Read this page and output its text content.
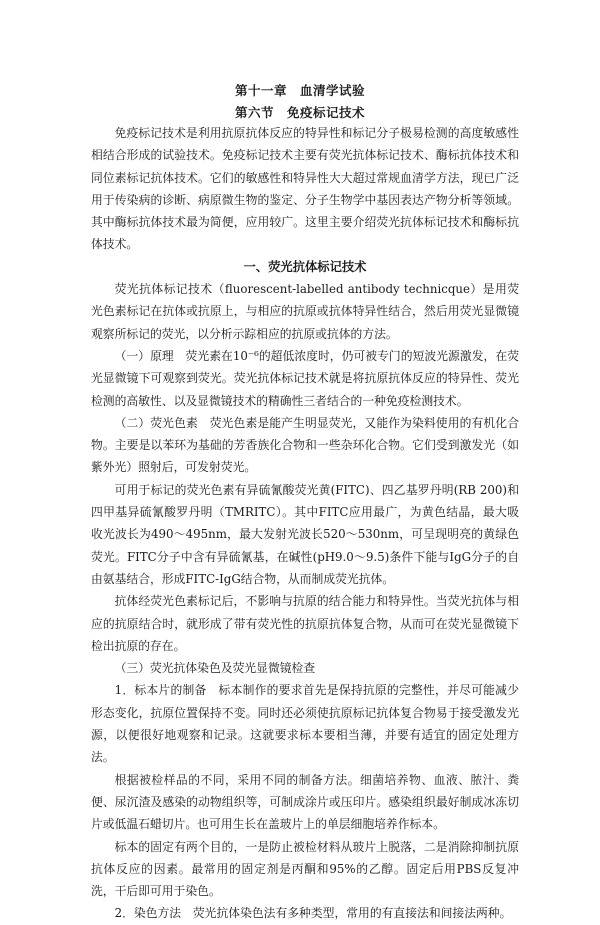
第十一章　血清学试验
第六节　免疫标记技术

免疫标记技术是利用抗原抗体反应的特异性和标记分子极易检测的高度敏感性相结合形成的试验技术。免疫标记技术主要有荧光抗体标记技术、酶标抗体技术和同位素标记抗体技术。它们的敏感性和特异性大大超过常规血清学方法，现已广泛用于传染病的诊断、病原微生物的鉴定、分子生物学中基因表达产物分析等领域。其中酶标抗体技术最为简便，应用较广。这里主要介绍荧光抗体标记技术和酶标抗体技术。

一、荧光抗体标记技术

荧光抗体标记技术（fluorescent-labelled antibody technicque）是用荧光色素标记在抗体或抗原上，与相应的抗原或抗体特异性结合，然后用荧光显微镜观察所标记的荧光，以分析示踪相应的抗原或抗体的方法。

（一）原理　荧光素在10⁻⁶的超低浓度时，仍可被专门的短波光源激发，在荧光显微镜下可观察到荧光。荧光抗体标记技术就是将抗原抗体反应的特异性、荧光检测的高敏性、以及显微镜技术的精确性三者结合的一种免疫检测技术。

（二）荧光色素　荧光色素是能产生明显荧光，又能作为染料使用的有机化合物。主要是以苯环为基础的芳香族化合物和一些杂环化合物。它们受到激发光（如紫外光）照射后，可发射荧光。

可用于标记的荧光色素有异硫氰酸荧光黄(FITC)、四乙基罗丹明(RB 200)和四甲基异硫氰酸罗丹明（TMRITC）。其中FITC应用最广，为黄色结晶，最大吸收光波长为490～495nm，最大发射光波长520～530nm，可呈现明亮的黄绿色荧光。FITC分子中含有异硫氰基，在碱性(pH9.0～9.5)条件下能与IgG分子的自由氨基结合，形成FITC-IgG结合物，从而制成荧光抗体。

抗体经荧光色素标记后，不影响与抗原的结合能力和特异性。当荧光抗体与相应的抗原结合时，就形成了带有荧光性的抗原抗体复合物，从而可在荧光显微镜下检出抗原的存在。

（三）荧光抗体染色及荧光显微镜检查

1．标本片的制备　标本制作的要求首先是保持抗原的完整性，并尽可能减少形态变化，抗原位置保持不变。同时还必须使抗原标记抗体复合物易于接受激发光源，以便很好地观察和记录。这就要求标本要相当薄，并要有适宜的固定处理方法。

根据被检样品的不同，采用不同的制备方法。细菌培养物、血液、脓汁、粪便、尿沉渣及感染的动物组织等，可制成涂片或压印片。感染组织最好制成冰冻切片或低温石蜡切片。也可用生长在盖玻片上的单层细胞培养作标本。

标本的固定有两个目的，一是防止被检材料从玻片上脱落，二是消除抑制抗原抗体反应的因素。最常用的固定剂是丙酮和95%的乙醇。固定后用PBS反复冲洗，干后即可用于染色。

2．染色方法　荧光抗体染色法有多种类型，常用的有直接法和间接法两种。
